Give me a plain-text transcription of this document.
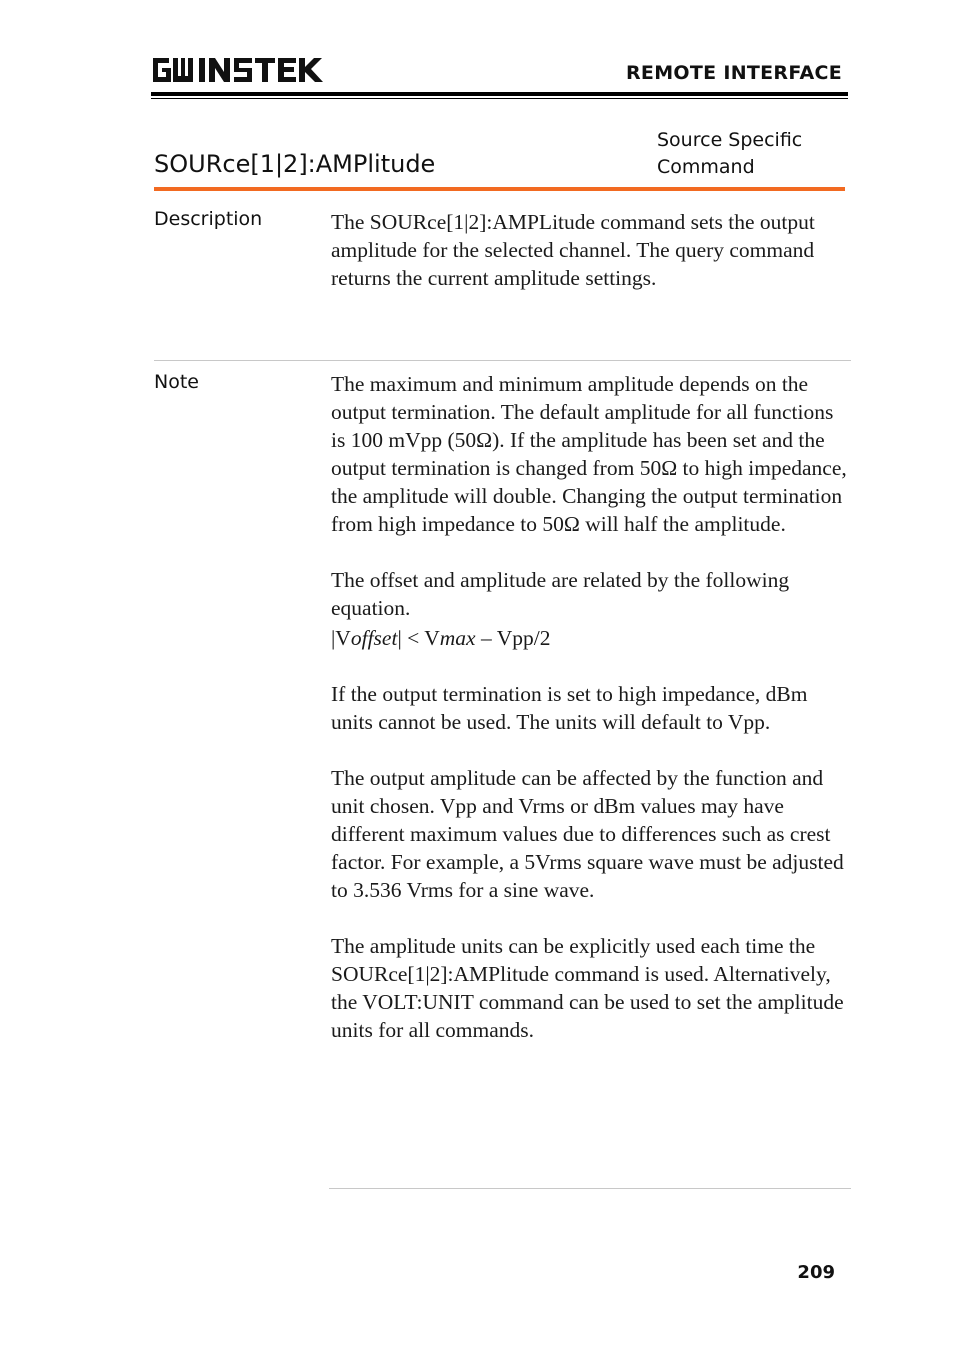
REMOTE INTERFACE
SOURce[1|2]:AMPlitude
Source Specific
Command
Description	The SOURce[1|2]:AMPLitude command sets the output amplitude for the selected channel. The query command returns the current amplitude settings.

Note	The maximum and minimum amplitude depends on the output termination. The default amplitude for all functions is 100 mVpp (50Ω). If the amplitude has been set and the output termination is changed from 50Ω to high impedance, the amplitude will double. Changing the output termination from high impedance to 50Ω will half the amplitude.

The offset and amplitude are related by the following equation.

|Voffset| < Vmax – Vpp/2

If the output termination is set to high impedance, dBm units cannot be used. The units will default to Vpp.

The output amplitude can be affected by the function and unit chosen. Vpp and Vrms or dBm values may have different maximum values due to differences such as crest factor. For example, a 5Vrms square wave must be adjusted to 3.536 Vrms for a sine wave.

The amplitude units can be explicitly used each time the SOURce[1|2]:AMPlitude command is used. Alternatively, the VOLT:UNIT command can be used to set the amplitude units for all commands.

209
